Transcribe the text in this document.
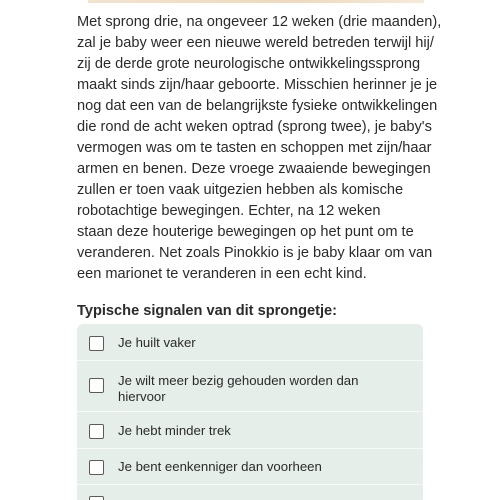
Met sprong drie, na ongeveer 12 weken (drie maanden),
zal je baby weer een nieuwe wereld betreden terwijl hij/
zij de derde grote neurologische ontwikkelingssprong
maakt sinds zijn/haar geboorte. Misschien herinner je je
nog dat een van de belangrijkste fysieke ontwikkelingen
die rond de acht weken optrad (sprong twee), je baby's
vermogen was om te tasten en schoppen met zijn/haar
armen en benen. Deze vroege zwaaiende bewegingen
zullen er toen vaak uitgezien hebben als komische
robotachtige bewegingen. Echter, na 12 weken
staan deze houterige bewegingen op het punt om te
veranderen. Net zoals Pinokkio is je baby klaar om van
een marionet te veranderen in een echt kind.

Typische signalen van dit sprongetje:
Je huilt vaker
Je wilt meer bezig gehouden worden dan
hiervoor
Je hebt minder trek
Je bent eenkenniger dan voorheen
